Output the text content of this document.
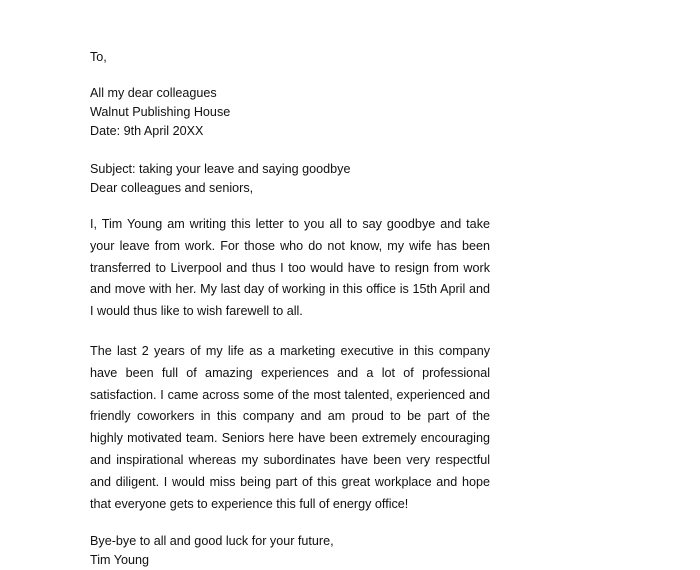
To,
All my dear colleagues
Walnut Publishing House
Date: 9th April 20XX
Subject: taking your leave and saying goodbye
Dear colleagues and seniors,

I, Tim Young am writing this letter to you all to say goodbye and take your leave from work. For those who do not know, my wife has been transferred to Liverpool and thus I too would have to resign from work and move with her. My last day of working in this office is 15th April and I would thus like to wish farewell to all.

The last 2 years of my life as a marketing executive in this company have been full of amazing experiences and a lot of professional satisfaction. I came across some of the most talented, experienced and friendly coworkers in this company and am proud to be part of the highly motivated team. Seniors here have been extremely encouraging and inspirational whereas my subordinates have been very respectful and diligent. I would miss being part of this great workplace and hope that everyone gets to experience this full of energy office!

Bye-bye to all and good luck for your future,
Tim Young
